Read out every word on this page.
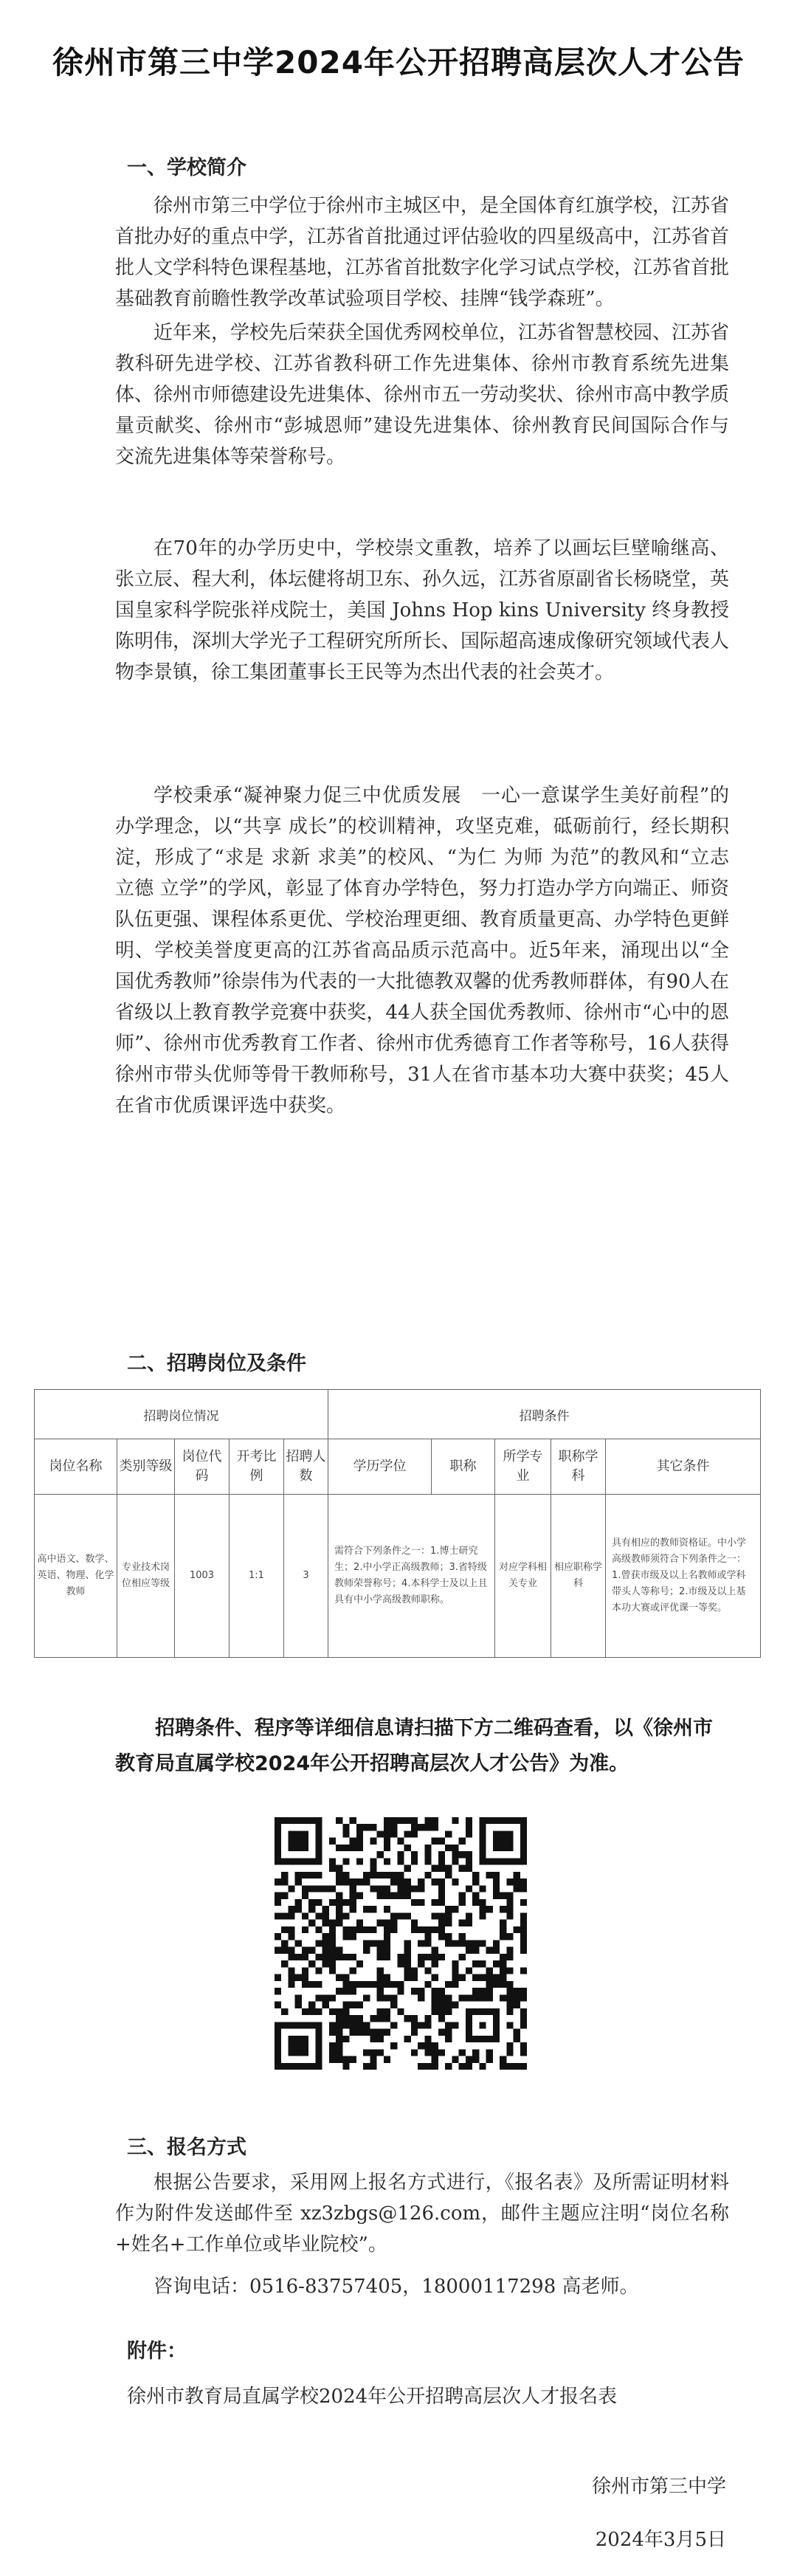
徐州市第三中学2024年公开招聘高层次人才公告
一、学校简介

徐州市第三中学位于徐州市主城区中，是全国体育红旗学校，江苏省首批办好的重点中学，江苏省首批通过评估验收的四星级高中，江苏省首批人文学科特色课程基地，江苏省首批数字化学习试点学校，江苏省首批基础教育前瞻性教学改革试验项目学校、挂牌“钱学森班”。

近年来，学校先后荣获全国优秀网校单位，江苏省智慧校园、江苏省教科研先进学校、江苏省教科研工作先进集体、徐州市教育系统先进集体、徐州市师德建设先进集体、徐州市五一劳动奖状、徐州市高中教学质量贡献奖、徐州市“彭城恩师”建设先进集体、徐州教育民间国际合作与交流先进集体等荣誉称号。

在70年的办学历史中，学校崇文重教，培养了以画坛巨壁喻继高、张立辰、程大利，体坛健将胡卫东、孙久远，江苏省原副省长杨晓堂，英国皇家科学院张祥戍院士，美国 Johns Hop kins University 终身教授陈明伟，深圳大学光子工程研究所所长、国际超高速成像研究领域代表人物李景镇，徐工集团董事长王民等为杰出代表的社会英才。

学校秉承“凝神聚力促三中优质发展　一心一意谋学生美好前程”的办学理念，以“共享 成长”的校训精神，攻坚克难，砥砺前行，经长期积淀，形成了“求是 求新 求美”的校风、“为仁 为师 为范”的教风和“立志 立德 立学”的学风，彰显了体育办学特色，努力打造办学方向端正、师资队伍更强、课程体系更优、学校治理更细、教育质量更高、办学特色更鲜明、学校美誉度更高的江苏省高品质示范高中。近5年来，涌现出以“全国优秀教师”徐崇伟为代表的一大批德教双馨的优秀教师群体，有90人在省级以上教育教学竞赛中获奖，44人获全国优秀教师、徐州市“心中的恩师”、徐州市优秀教育工作者、徐州市优秀德育工作者等称号，16人获得徐州市带头优师等骨干教师称号，31人在省市基本功大赛中获奖；45人在省市优质课评选中获奖。

二、招聘岗位及条件
招聘岗位情况					招聘条件				
岗位名称	类别等级	岗位代码	开考比例	招聘人数	学历学位	职称	所学专业	职称学科	其它条件
高中语文、数学、英语、物理、化学教师	专业技术岗位相应等级	1003	1:1	3	需符合下列条件之一：1.博士研究生；2.中小学正高级教师；3.省特级教师荣誉称号；4.本科学士及以上且具有中小学高级教师职称。		对应学科相关专业	相应职称学科	具有相应的教师资格证。中小学高级教师须符合下列条件之一：1.曾获市级及以上名教师或学科带头人等称号；2.市级及以上基本功大赛或评优课一等奖。

招聘条件、程序等详细信息请扫描下方二维码查看，以《徐州市教育局直属学校2024年公开招聘高层次人才公告》为准。

三、报名方式

根据公告要求，采用网上报名方式进行，《报名表》及所需证明材料作为附件发送邮件至 xz3zbgs@126.com，邮件主题应注明“岗位名称+姓名+工作单位或毕业院校”。

咨询电话：0516-83757405，18000117298 高老师。

附件：

徐州市教育局直属学校2024年公开招聘高层次人才报名表

徐州市第三中学
2024年3月5日
